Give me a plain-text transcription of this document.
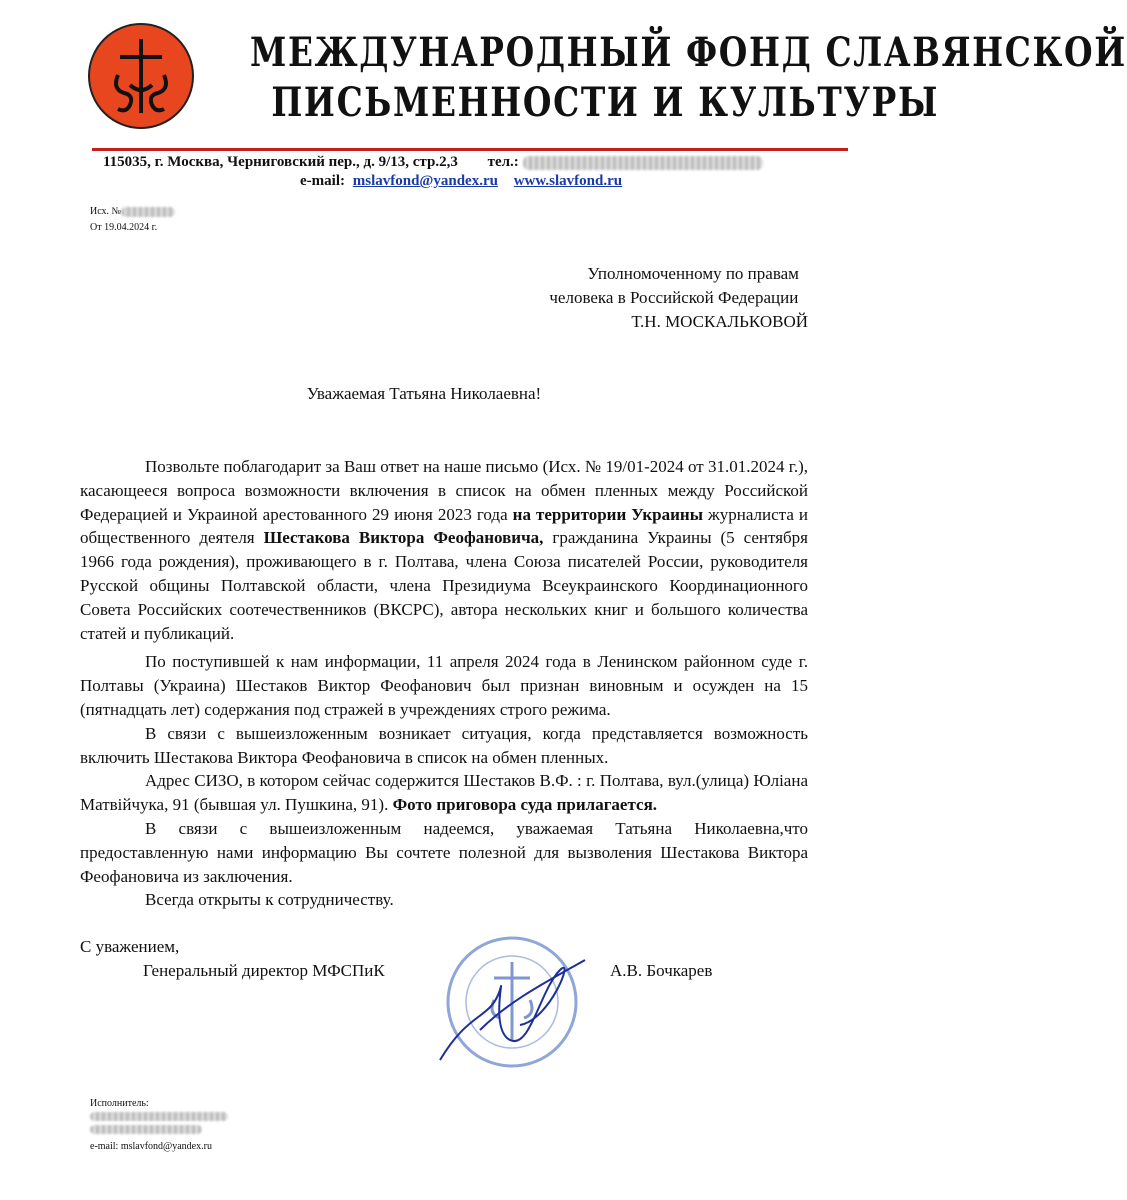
МЕЖДУНАРОДНЫЙ ФОНД СЛАВЯНСКОЙ
ПИСЬМЕННОСТИ И КУЛЬТУРЫ
115035, г. Москва, Черниговский пер., д. 9/13, стр.2,3 тел.:
e-mail: mslavfond@yandex.ru www.slavfond.ru
Исх. №
От 19.04.2024 г.
Уполномоченному по правам
человека в Российской Федерации
Т.Н. МОСКАЛЬКОВОЙ
Уважаемая Татьяна Николаевна!

Позвольте поблагодарит за Ваш ответ на наше письмо (Исх. № 19/01-2024 от 31.01.2024 г.), касающееся вопроса возможности включения в список на обмен пленных между Российской Федерацией и Украиной арестованного 29 июня 2023 года на территории Украины журналиста и общественного деятеля Шестакова Виктора Феофановича, гражданина Украины (5 сентября 1966 года рождения), проживающего в г. Полтава, члена Союза писателей России, руководителя Русской общины Полтавской области, члена Президиума Всеукраинского Координационного Совета Российских соотечественников (ВКСРС), автора нескольких книг и большого количества статей и публикаций.

По поступившей к нам информации, 11 апреля 2024 года в Ленинском районном суде г. Полтавы (Украина) Шестаков Виктор Феофанович был признан виновным и осужден на 15 (пятнадцать лет) содержания под стражей в учреждениях строго режима.

В связи с вышеизложенным возникает ситуация, когда представляется возможность включить Шестакова Виктора Феофановича в список на обмен пленных.

Адрес СИЗО, в котором сейчас содержится Шестаков В.Ф. : г. Полтава, вул.(улица) Юліана Матвійчука, 91 (бывшая ул. Пушкина, 91). Фото приговора суда прилагается.

В связи с вышеизложенным надеемся, уважаемая Татьяна Николаевна,что предоставленную нами информацию Вы сочтете полезной для вызволения Шестакова Виктора Феофановича из заключения.

Всегда открыты к сотрудничеству.

С уважением,
Генеральный директор МФСПиК	А.В. Бочкарев
Исполнитель:
e-mail: mslavfond@yandex.ru
